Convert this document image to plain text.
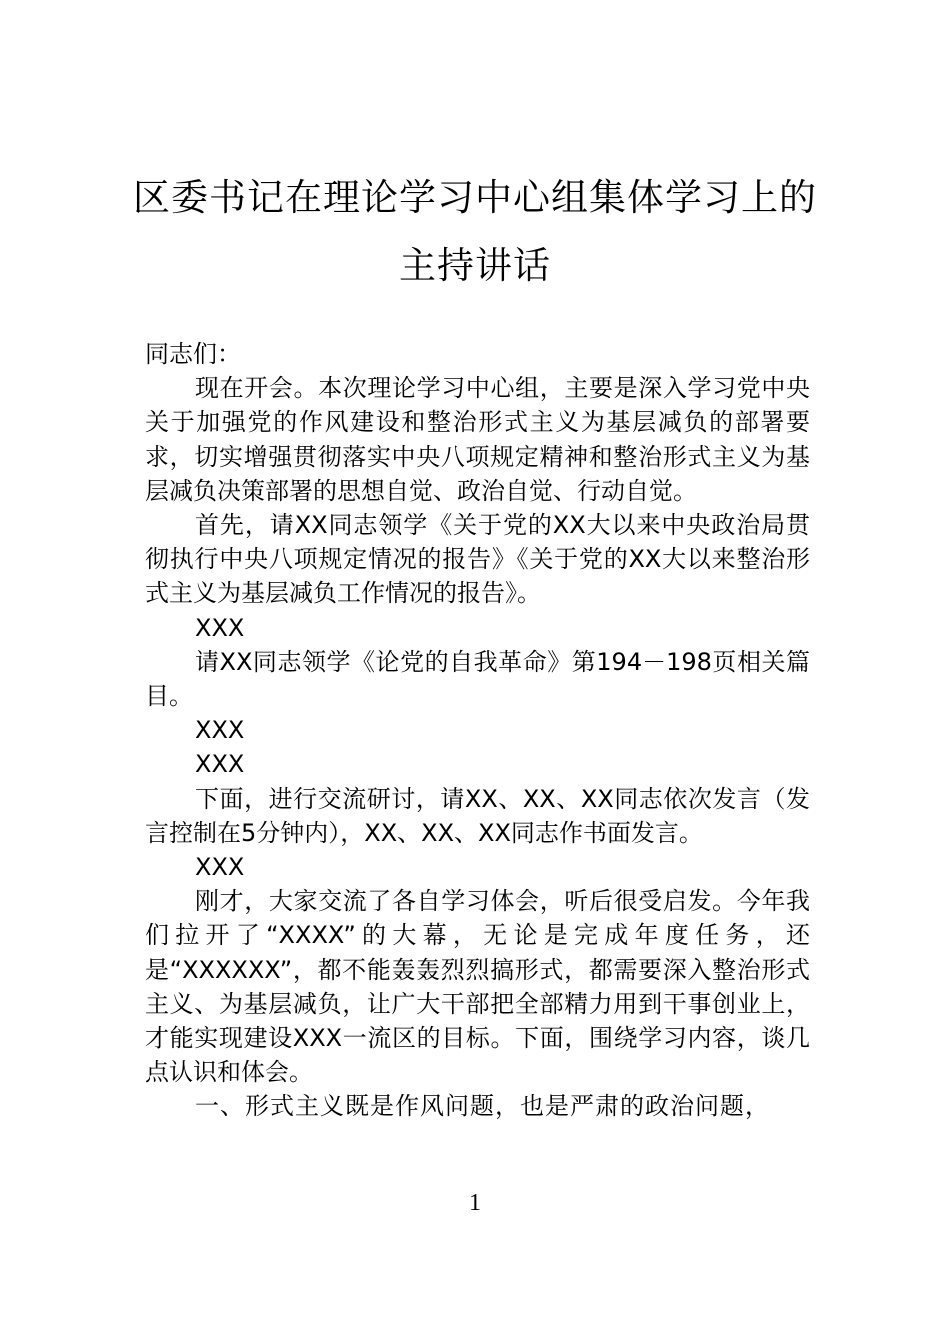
区委书记在理论学习中心组集体学习上的
主持讲话

同志们：

现在开会。本次理论学习中心组，主要是深入学习党中央关于加强党的作风建设和整治形式主义为基层减负的部署要求，切实增强贯彻落实中央八项规定精神和整治形式主义为基层减负决策部署的思想自觉、政治自觉、行动自觉。

首先，请XX同志领学《关于党的XX大以来中央政治局贯彻执行中央八项规定情况的报告》《关于党的XX大以来整治形式主义为基层减负工作情况的报告》。

XXX

请XX同志领学《论党的自我革命》第194－198页相关篇目。

XXX

XXX

下面，进行交流研讨，请XX、XX、XX同志依次发言（发言控制在5分钟内），XX、XX、XX同志作书面发言。

XXX

刚才，大家交流了各自学习体会，听后很受启发。今年我们拉开了“XXXX”的大幕，无论是完成年度任务，还是“XXXXXX”，都不能轰轰烈烈搞形式，都需要深入整治形式主义、为基层减负，让广大干部把全部精力用到干事创业上，才能实现建设XXX一流区的目标。下面，围绕学习内容，谈几点认识和体会。

一、形式主义既是作风问题，也是严肃的政治问题，

1
